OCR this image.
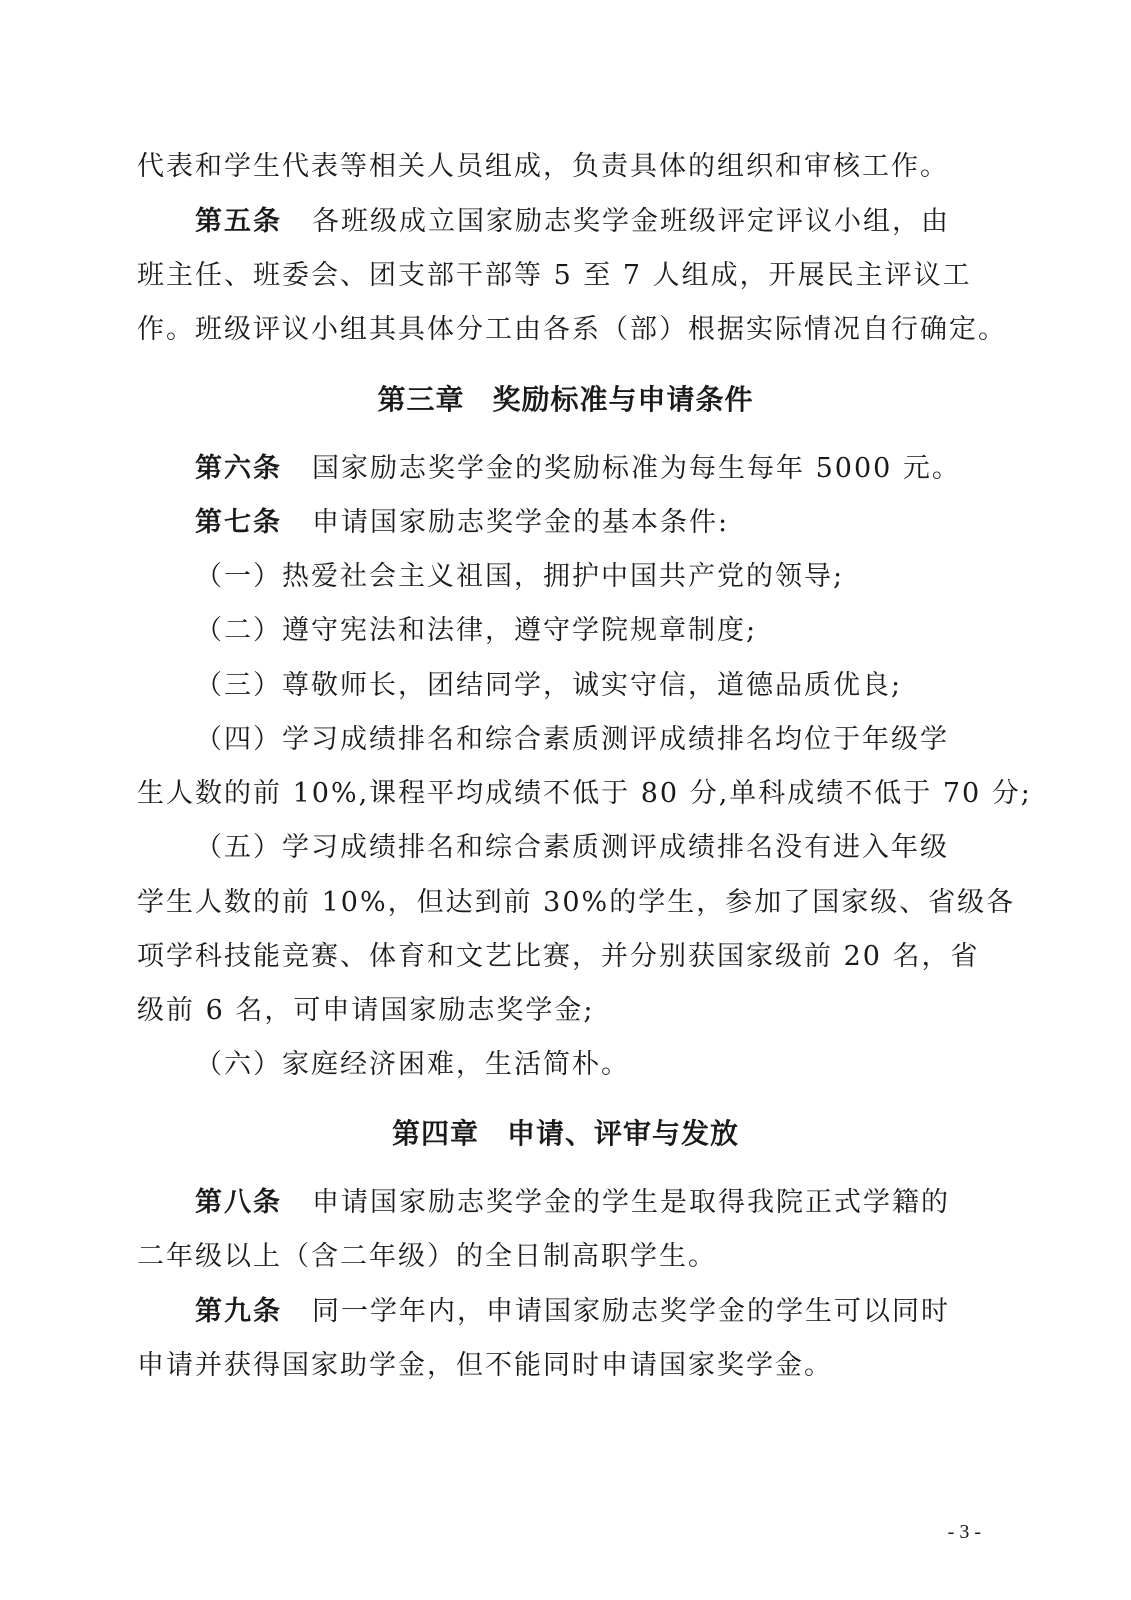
代表和学生代表等相关人员组成，负责具体的组织和审核工作。
第五条 各班级成立国家励志奖学金班级评定评议小组，由
班主任、班委会、团支部干部等 5 至 7 人组成，开展民主评议工
作。班级评议小组其具体分工由各系（部）根据实际情况自行确定。
第三章 奖励标准与申请条件
第六条 国家励志奖学金的奖励标准为每生每年 5000 元。
第七条 申请国家励志奖学金的基本条件:
（一）热爱社会主义祖国，拥护中国共产党的领导;
（二）遵守宪法和法律，遵守学院规章制度;
（三）尊敬师长，团结同学，诚实守信，道德品质优良;
（四）学习成绩排名和综合素质测评成绩排名均位于年级学
生人数的前 10%,课程平均成绩不低于 80 分,单科成绩不低于 70 分;
（五）学习成绩排名和综合素质测评成绩排名没有进入年级
学生人数的前 10%，但达到前 30%的学生，参加了国家级、省级各
项学科技能竞赛、体育和文艺比赛，并分别获国家级前 20 名，省
级前 6 名，可申请国家励志奖学金;
（六）家庭经济困难，生活简朴。
第四章 申请、评审与发放
第八条 申请国家励志奖学金的学生是取得我院正式学籍的
二年级以上（含二年级）的全日制高职学生。
第九条 同一学年内，申请国家励志奖学金的学生可以同时
申请并获得国家助学金，但不能同时申请国家奖学金。
- 3 -
